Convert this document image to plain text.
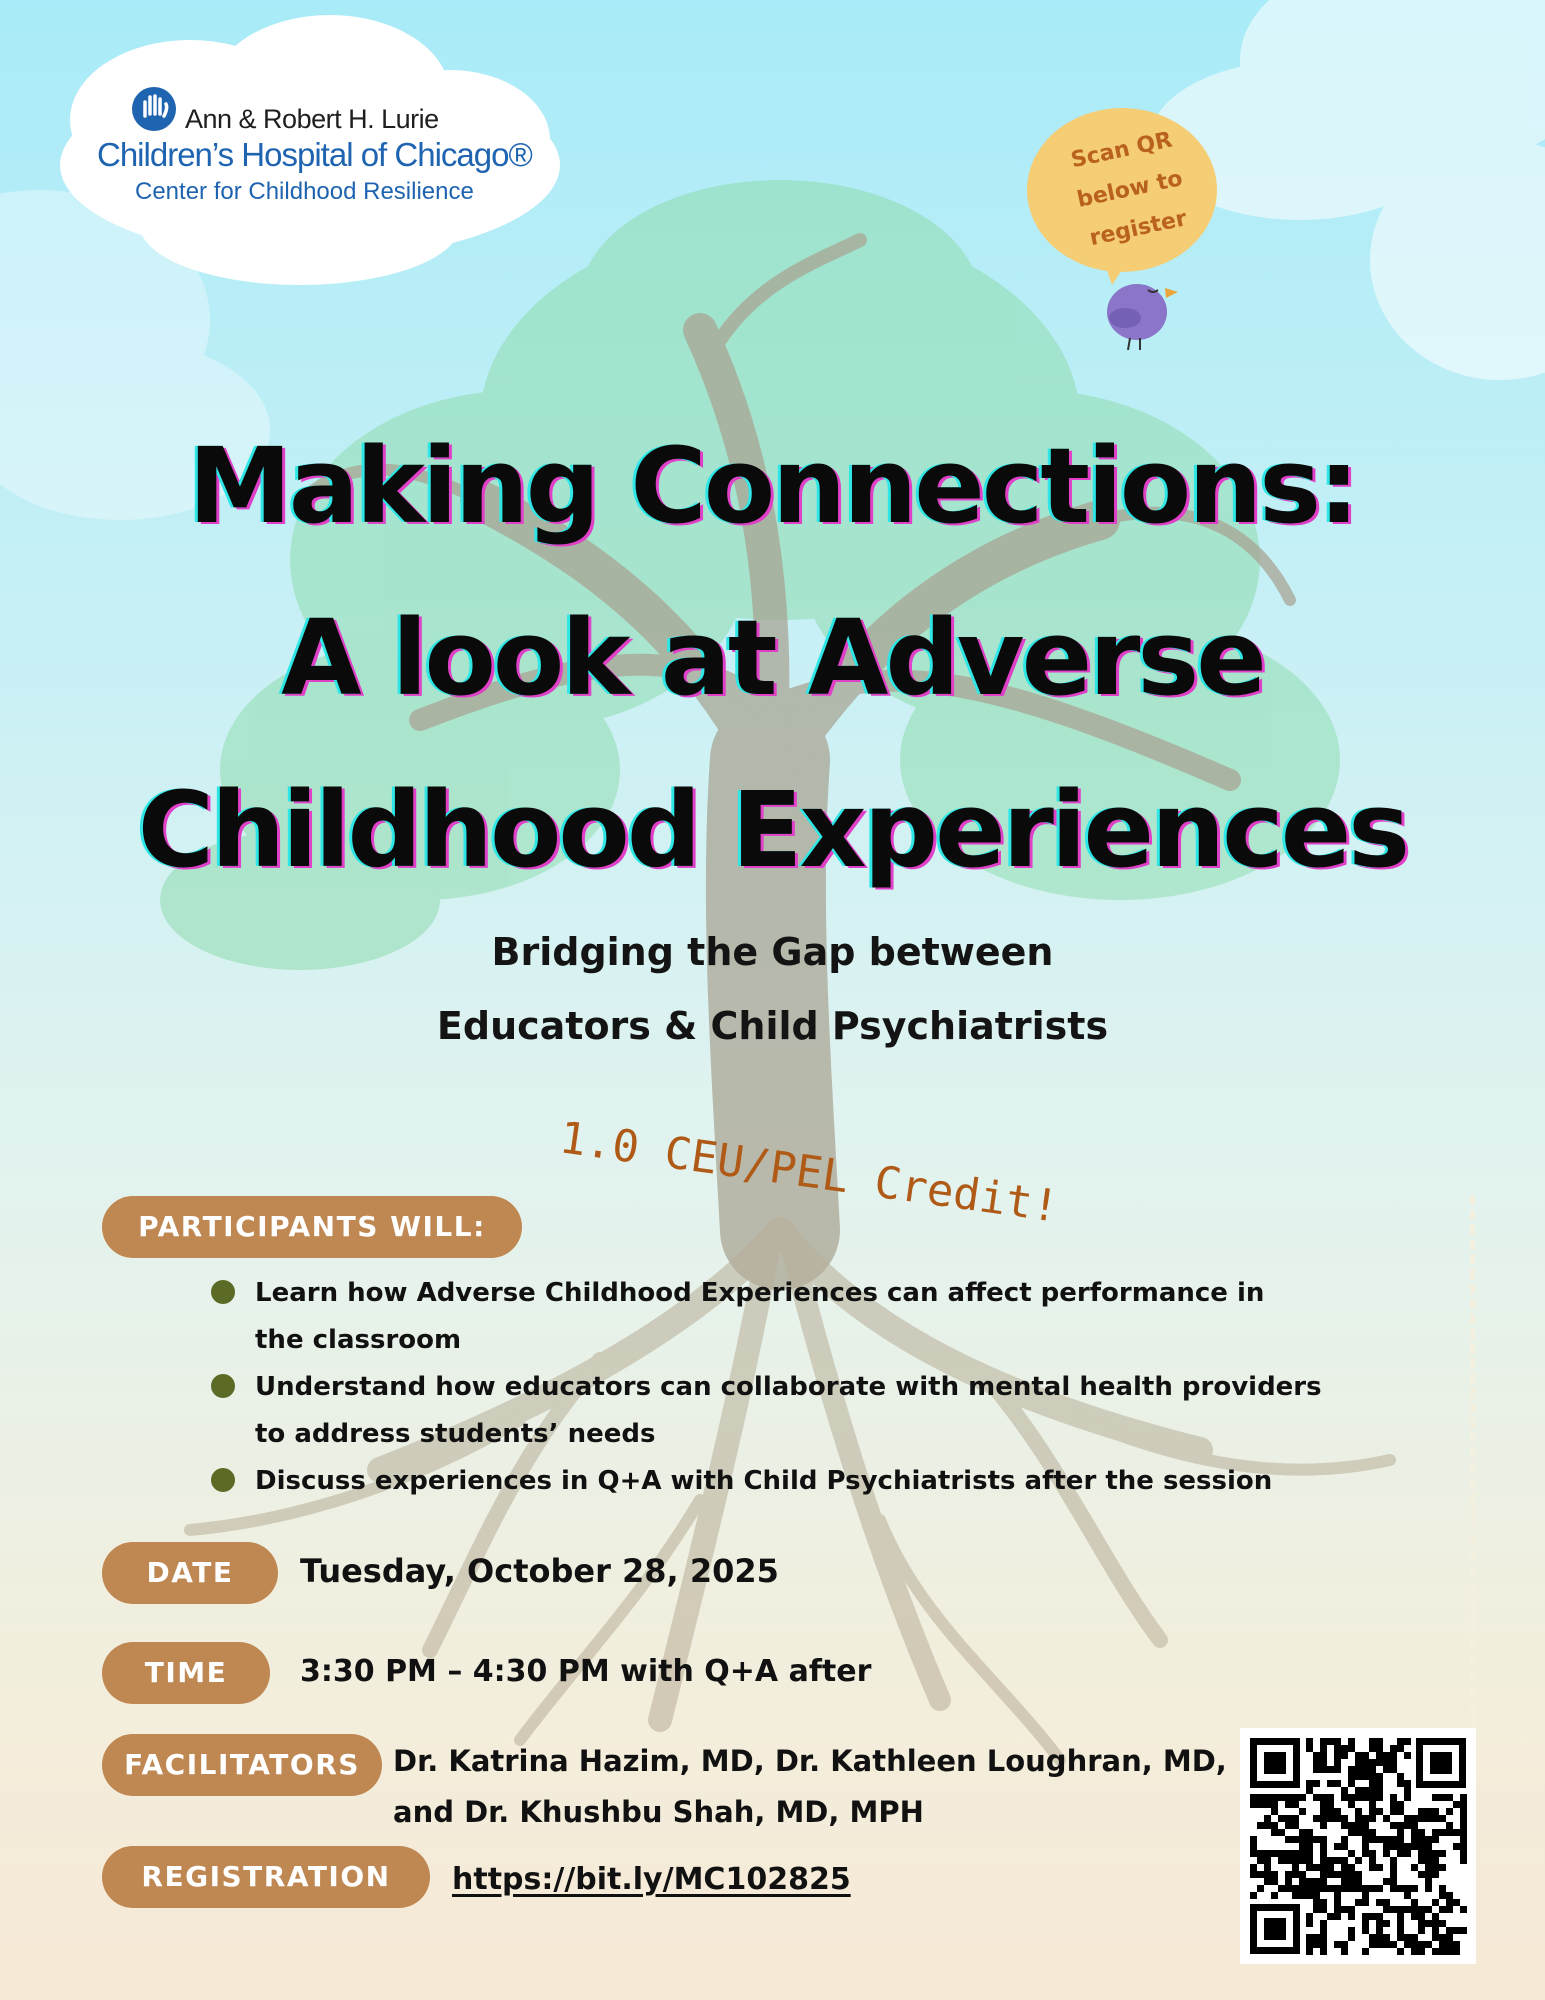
Ann & Robert H. Lurie
Children’s Hospital of Chicago®
Center for Childhood Resilience
Scan QR
below to
register
Making Connections:
A look at Adverse
Childhood Experiences
Bridging the Gap between
Educators & Child Psychiatrists
1.0 CEU/PEL Credit!
PARTICIPANTS WILL:
Learn how Adverse Childhood Experiences can affect performance in
the classroom
Understand how educators can collaborate with mental health providers
to address students’ needs
Discuss experiences in Q+A with Child Psychiatrists after the session
DATE	Tuesday, October 28, 2025
TIME	3:30 PM – 4:30 PM with Q+A after
FACILITATORS	Dr. Katrina Hazim, MD, Dr. Kathleen Loughran, MD,
and Dr. Khushbu Shah, MD, MPH
REGISTRATION	https://bit.ly/MC102825
